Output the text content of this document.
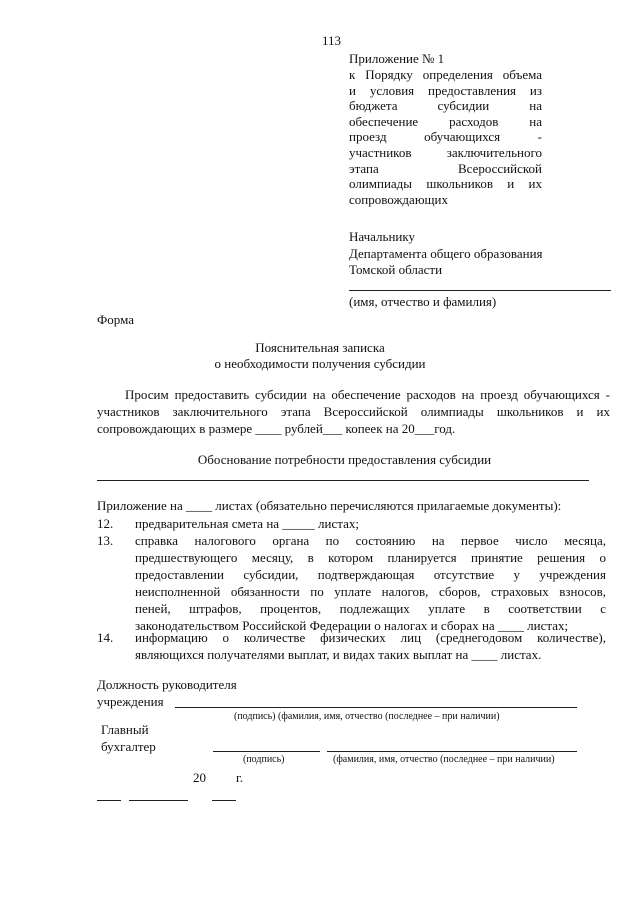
113
Приложение № 1
к Порядку определения объема
и условия предоставления из
бюджета субсидии на
обеспечение расходов на
проезд обучающихся -
участников заключительного
этапа Всероссийской
олимпиады школьников и их
сопровождающих
Начальнику
Департамента общего образования
Томской области
(имя, отчество и фамилия)
Форма
Пояснительная записка
о необходимости получения субсидии
Просим предоставить субсидии на обеспечение расходов на проезд обучающихся -
участников заключительного этапа Всероссийской олимпиады школьников и их
сопровождающих в размере ____ рублей___ копеек на 20___год.
Обоснование потребности предоставления субсидии
Приложение на ____ листах (обязательно перечисляются прилагаемые документы):
12. предварительная смета на _____ листах;
13. справка налогового органа по состоянию на первое число месяца,
предшествующего месяцу, в котором планируется принятие решения о
предоставлении субсидии, подтверждающая отсутствие у учреждения
неисполненной обязанности по уплате налогов, сборов, страховых взносов,
пеней, штрафов, процентов, подлежащих уплате в соответствии с
законодательством Российской Федерации о налогах и сборах на ____ листах;
14. информацию о количестве физических лиц (среднегодовом количестве),
являющихся получателями выплат, и видах таких выплат на ____ листах.
Должность руководителя
учреждения
(подпись) (фамилия, имя, отчество (последнее – при наличии)
Главный
бухгалтер
(подпись)	(фамилия, имя, отчество (последнее – при наличии)
20 г.
